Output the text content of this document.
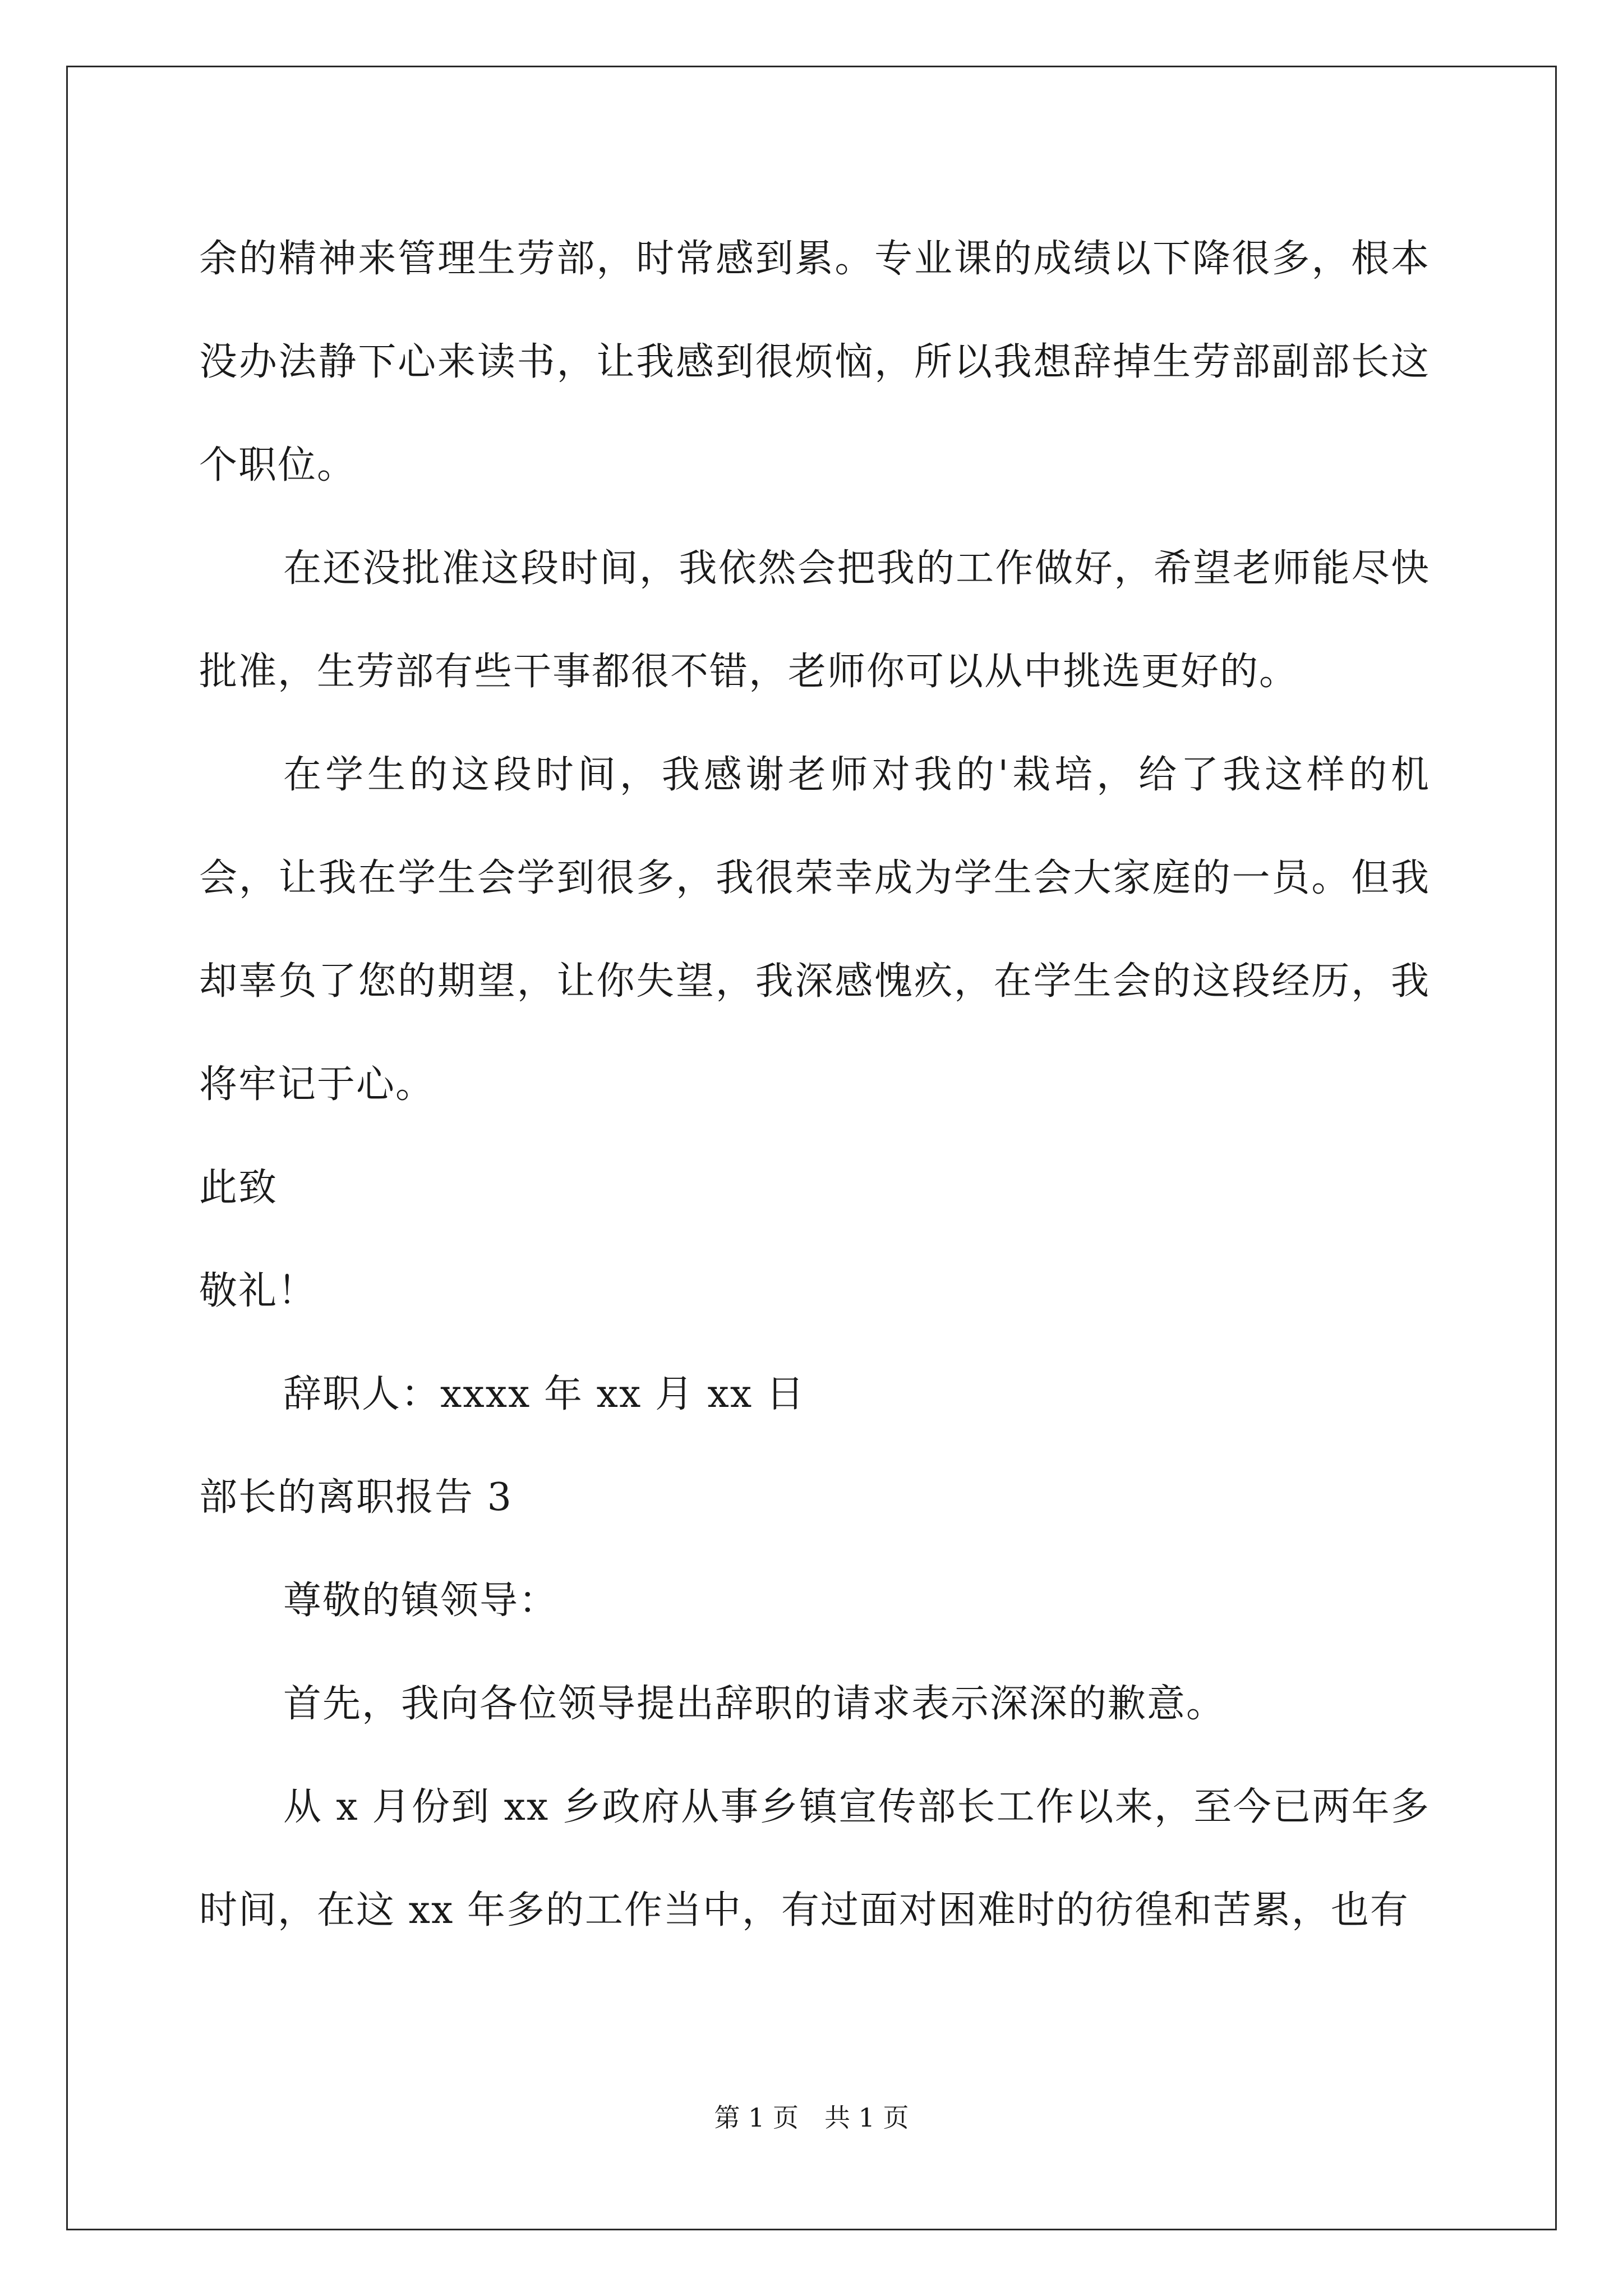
余的精神来管理生劳部，时常感到累。专业课的成绩以下降很多，根本没办法静下心来读书，让我感到很烦恼，所以我想辞掉生劳部副部长这个职位。

在还没批准这段时间，我依然会把我的工作做好，希望老师能尽快批准，生劳部有些干事都很不错，老师你可以从中挑选更好的。

在学生的这段时间，我感谢老师对我的'栽培，给了我这样的机会，让我在学生会学到很多，我很荣幸成为学生会大家庭的一员。但我却辜负了您的期望，让你失望，我深感愧疚，在学生会的这段经历，我将牢记于心。

此致

敬礼！

辞职人：xxxx 年 xx 月 xx 日

部长的离职报告 3

尊敬的镇领导：

首先，我向各位领导提出辞职的请求表示深深的歉意。

从 x 月份到 xx 乡政府从事乡镇宣传部长工作以来，至今已两年多时间，在这 xx 年多的工作当中，有过面对困难时的彷徨和苦累，也有

第 1 页　共 1 页
